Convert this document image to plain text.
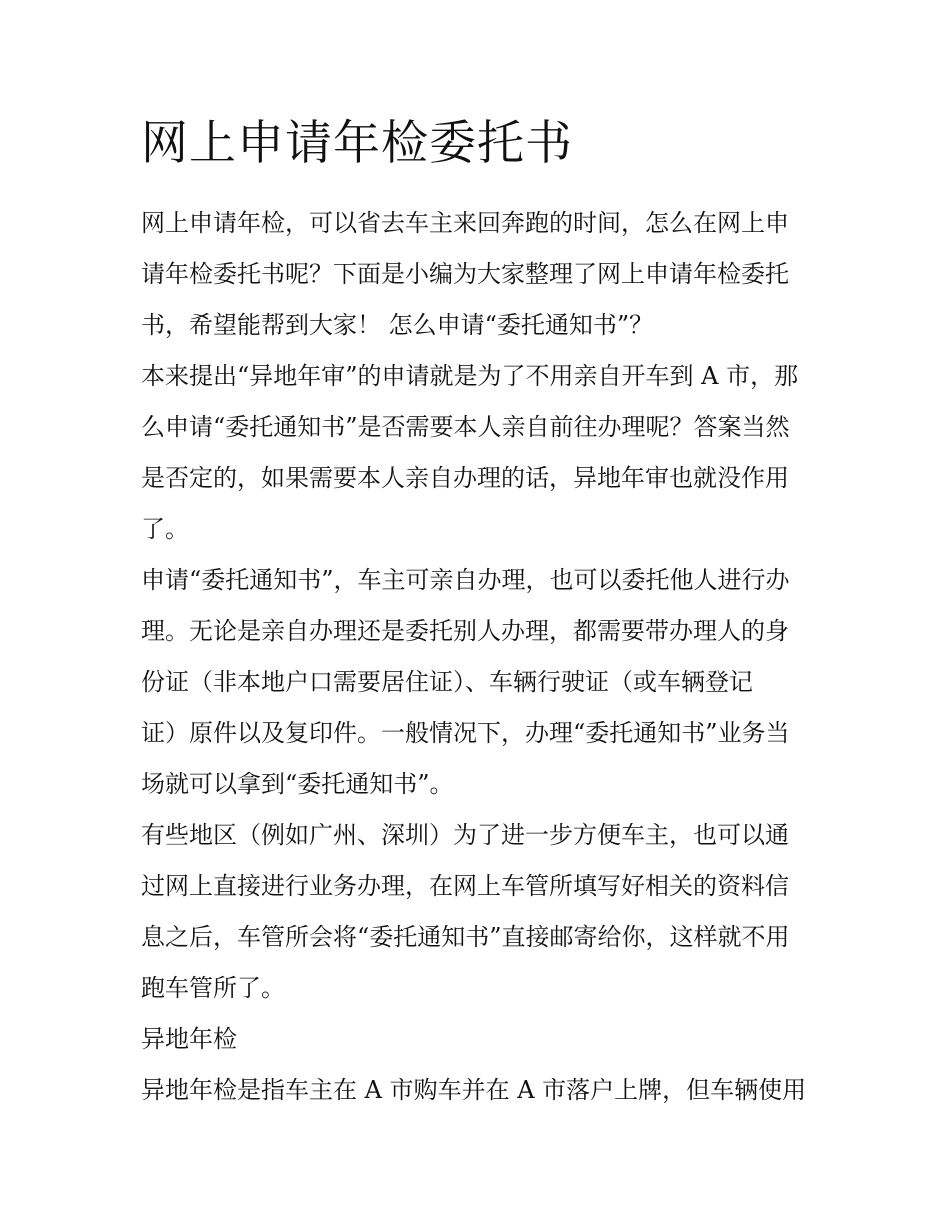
网上申请年检委托书

网上申请年检，可以省去车主来回奔跑的时间，怎么在网上申
请年检委托书呢？下面是小编为大家整理了网上申请年检委托
书，希望能帮到大家！ 怎么申请“委托通知书”？

本来提出“异地年审”的申请就是为了不用亲自开车到 A 市，那
么申请“委托通知书”是否需要本人亲自前往办理呢？答案当然
是否定的，如果需要本人亲自办理的话，异地年审也就没作用
了。

申请“委托通知书”，车主可亲自办理，也可以委托他人进行办
理。无论是亲自办理还是委托别人办理，都需要带办理人的身
份证（非本地户口需要居住证）、车辆行驶证（或车辆登记
证）原件以及复印件。一般情况下，办理“委托通知书”业务当
场就可以拿到“委托通知书”。

有些地区（例如广州、深圳）为了进一步方便车主，也可以通
过网上直接进行业务办理，在网上车管所填写好相关的资料信
息之后，车管所会将“委托通知书”直接邮寄给你，这样就不用
跑车管所了。

异地年检

异地年检是指车主在 A 市购车并在 A 市落户上牌，但车辆使用
